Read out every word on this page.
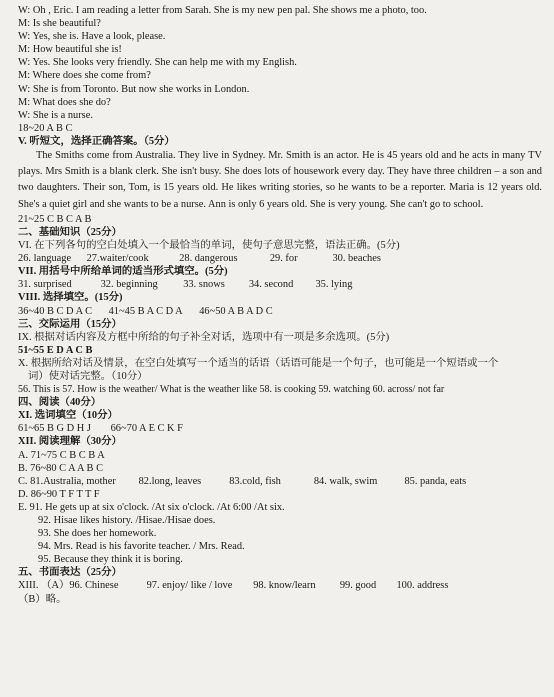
W: Oh , Eric. I am reading a letter from Sarah. She is my new pen pal. She shows me a photo, too.
M: Is she beautiful?
W: Yes, she is. Have a look, please.
M: How beautiful she is!
W: Yes. She looks very friendly. She can help me with my English.
M: Where does she come from?
W: She is from Toronto. But now she works in London.
M: What does she do?
W: She is a nurse.
18~20 A B C
V. 听短文，选择正确答案。（5分）

The Smiths come from Australia. They live in Sydney. Mr. Smith is an actor. He is 45 years old and he acts in many TV plays. Mrs Smith is a blank clerk. She isn't busy. She does lots of housework every day. They have three children – a son and two daughters. Their son, Tom, is 15 years old. He likes writing stories, so he wants to be a reporter. Maria is 12 years old. She's a quiet girl and she wants to be a nurse. Ann is only 6 years old. She is very young. She can't go to school.

21~25 C B C A B
二、基础知识（25分）
VI. 在下列各句的空白处填入一个最恰当的单词，使句子意思完整，语法正确。(5分)
26. language 27.waiter/cook	28. dangerous	29. for	30. beaches
VII. 用括号中所给单词的适当形式填空。(5分)
31. surprised	32. beginning 33. snows 34. second 35. lying
VIII. 选择填空。(15分)
36~40 B C D A C 41~45 B A C D A 46~50 A B A D C
三、交际运用（15分）
IX. 根据对话内容及方框中所给的句子补全对话，选项中有一项是多余选项。(5分)
51~55 E D A C B
X. 根据所给对话及情景，在空白处填写一个适当的话语（话语可能是一个句子，也可能是一个短语或一个
词）使对话完整。（10分）
56. This is 57. How is the weather/ What is the weather like 58. is cooking 59. watching 60. across/ not far
四、阅读（40分）
XI. 选词填空（10分）
61~65 B G D H J 66~70 A E C K F
XII. 阅读理解（30分）
A. 71~75 C B C B A
B. 76~80 C A A B C
C. 81.Australia, mother 82.long, leaves	83.cold, fish	84. walk, swim	85. panda, eats
D. 86~90 T F T T F
E. 91. He gets up at six o'clock. /At six o'clock. /At 6:00 /At six.
92. Hisae likes history. /Hisae./Hisae does.
93. She does her homework.
94. Mrs. Read is his favorite teacher. / Mrs. Read.
95. Because they think it is boring.
五、书面表达（25分）
XIII. （A）96. Chinese	97. enjoy/ like / love 98. know/learn 99. good 100. address
（B）略。
